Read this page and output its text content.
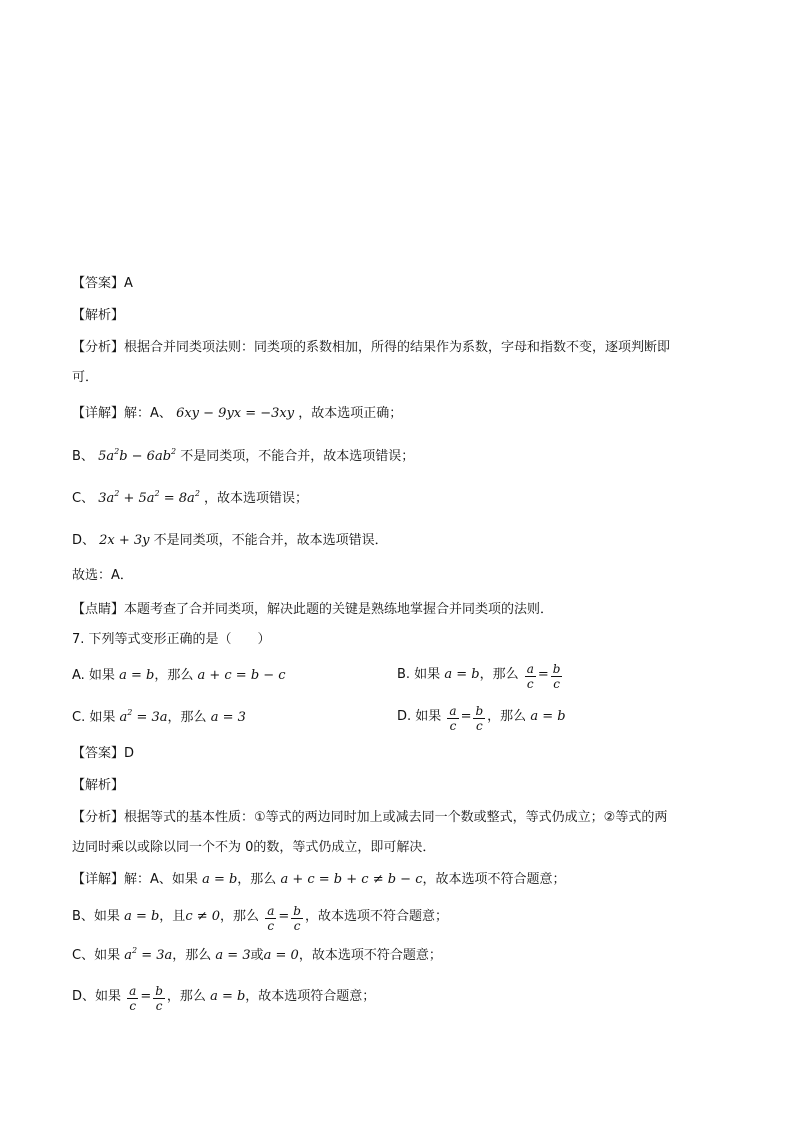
【答案】A
【解析】
【分析】根据合并同类项法则：同类项的系数相加，所得的结果作为系数，字母和指数不变，逐项判断即
可．
【详解】解：A、 6xy − 9yx = −3xy ，故本选项正确；
B、 $5a^2b - 6ab^2$ 不是同类项，不能合并，故本选项错误；
C、 $3a^2 + 5a^2 = 8a^2$ ，故本选项错误；
D、 2x + 3y 不是同类项，不能合并，故本选项错误．
故选：A．
【点睛】本题考查了合并同类项，解决此题的关键是熟练地掌握合并同类项的法则．
7. 下列等式变形正确的是（　　）
A. 如果 a = b，那么 a + c = b − c	B. 如果 a = b，那么 $\frac{a}{c} = \frac{b}{c}$
C. 如果 $a^2 = 3a$，那么 a = 3	D. 如果 $\frac{a}{c} = \frac{b}{c}$ ，那么 a = b
【答案】D
【解析】
【分析】根据等式的基本性质：①等式的两边同时加上或减去同一个数或整式，等式仍成立；②等式的两
边同时乘以或除以同一个不为 0的数，等式仍成立，即可解决．
【详解】解：A、如果 a = b，那么 a + c = b + c ≠ b − c，故本选项不符合题意；
B、如果 a = b，且c ≠ 0，那么 $\frac{a}{c} = \frac{b}{c}$ ，故本选项不符合题意；
C、如果 $a^2 = 3a$，那么 a = 3或a = 0，故本选项不符合题意；
D、如果 $\frac{a}{c} = \frac{b}{c}$ ，那么 a = b，故本选项符合题意；
